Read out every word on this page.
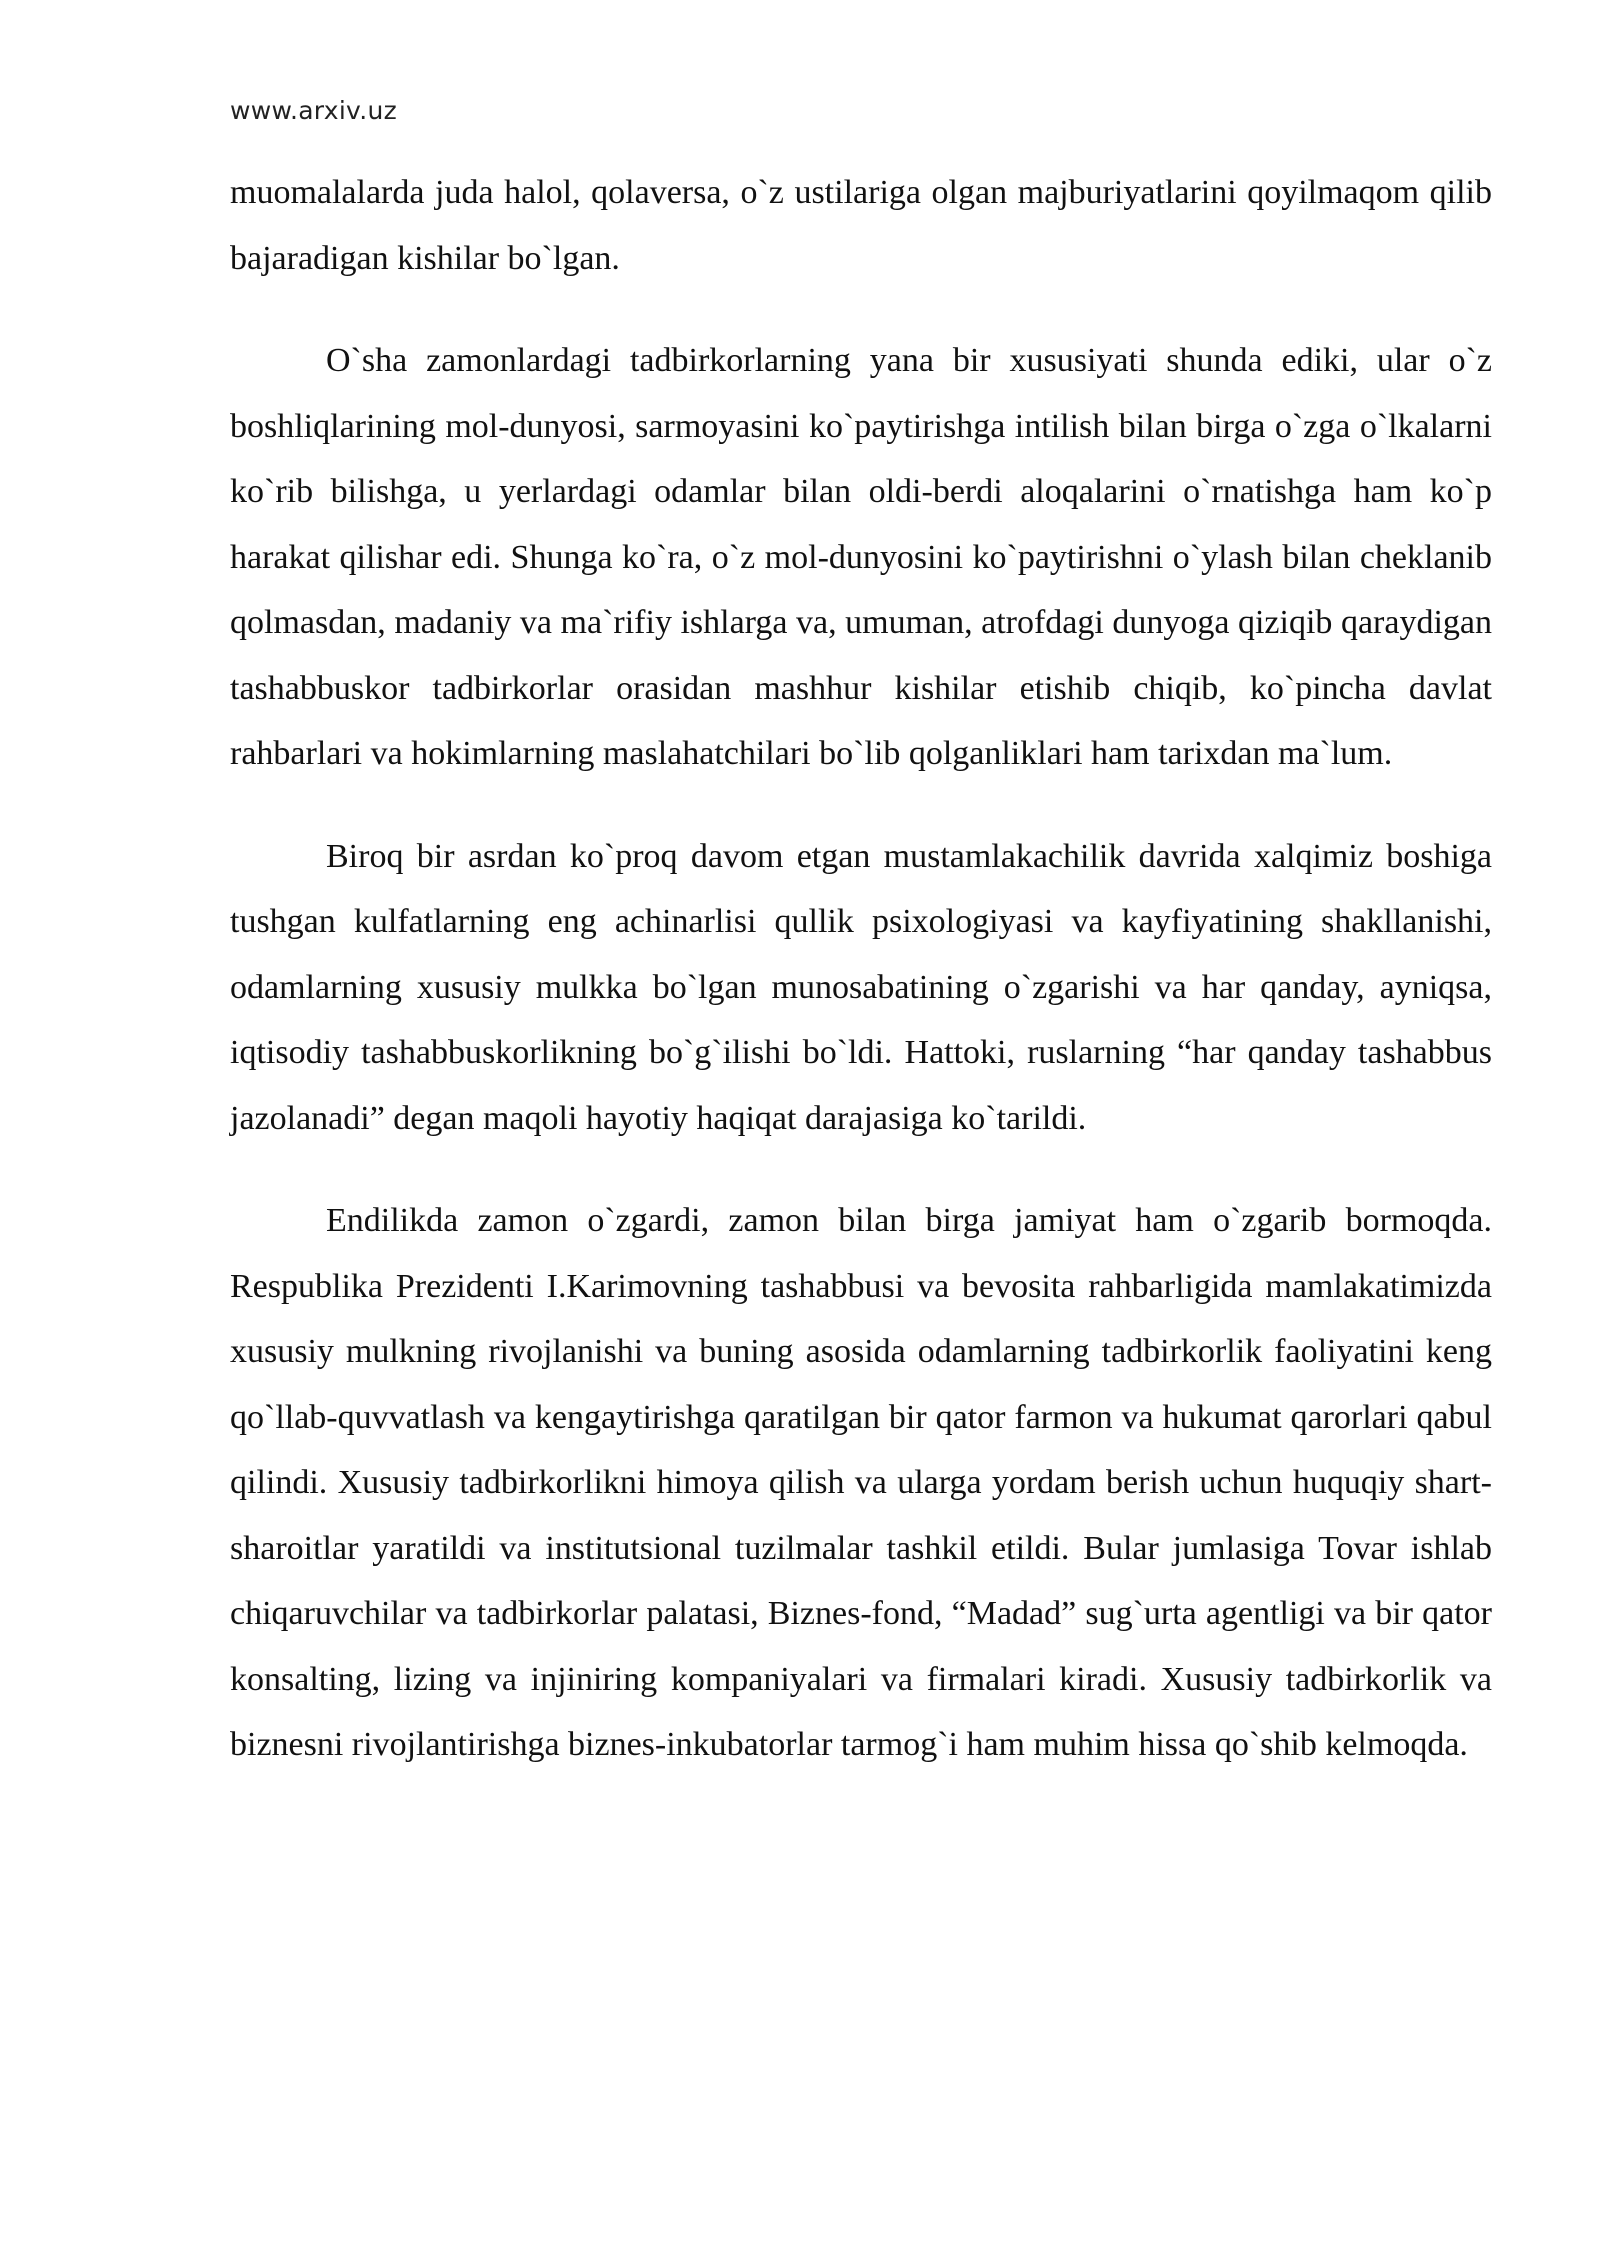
www.arxiv.uz

muomalalarda juda halol, qolaversa, o`z ustilariga olgan majburiyatlarini qoyilmaqom qilib bajaradigan kishilar bo`lgan.

O`sha zamonlardagi tadbirkorlarning yana bir xususiyati shunda ediki, ular o`z boshliqlarining mol-dunyosi, sarmoyasini ko`paytirishga intilish bilan birga o`zga o`lkalarni ko`rib bilishga, u yerlardagi odamlar bilan oldi-berdi aloqalarini o`rnatishga ham ko`p harakat qilishar edi. Shunga ko`ra, o`z mol-dunyosini ko`paytirishni o`ylash bilan cheklanib qolmasdan, madaniy va ma`rifiy ishlarga va, umuman, atrofdagi dunyoga qiziqib qaraydigan tashabbuskor tadbirkorlar orasidan mashhur kishilar etishib chiqib, ko`pincha davlat rahbarlari va hokimlarning maslahatchilari bo`lib qolganliklari ham tarixdan ma`lum.

Biroq bir asrdan ko`proq davom etgan mustamlakachilik davrida xalqimiz boshiga tushgan kulfatlarning eng achinarlisi qullik psixologiyasi va kayfiyatining shakllanishi, odamlarning xususiy mulkka bo`lgan munosabatining o`zgarishi va har qanday, ayniqsa, iqtisodiy tashabbuskorlikning bo`g`ilishi bo`ldi. Hattoki, ruslarning “har qanday tashabbus jazolanadi” degan maqoli hayotiy haqiqat darajasiga ko`tarildi.

Endilikda zamon o`zgardi, zamon bilan birga jamiyat ham o`zgarib bormoqda. Respublika Prezidenti I.Karimovning tashabbusi va bevosita rahbarligida mamlakatimizda xususiy mulkning rivojlanishi va buning asosida odamlarning tadbirkorlik faoliyatini keng qo`llab-quvvatlash va kengaytirishga qaratilgan bir qator farmon va hukumat qarorlari qabul qilindi. Xususiy tadbirkorlikni himoya qilish va ularga yordam berish uchun huquqiy shart-sharoitlar yaratildi va institutsional tuzilmalar tashkil etildi. Bular jumlasiga Tovar ishlab chiqaruvchilar va tadbirkorlar palatasi, Biznes-fond, “Madad” sug`urta agentligi va bir qator konsalting, lizing va injiniring kompaniyalari va firmalari kiradi. Xususiy tadbirkorlik va biznesni rivojlantirishga biznes-inkubatorlar tarmog`i ham muhim hissa qo`shib kelmoqda.
